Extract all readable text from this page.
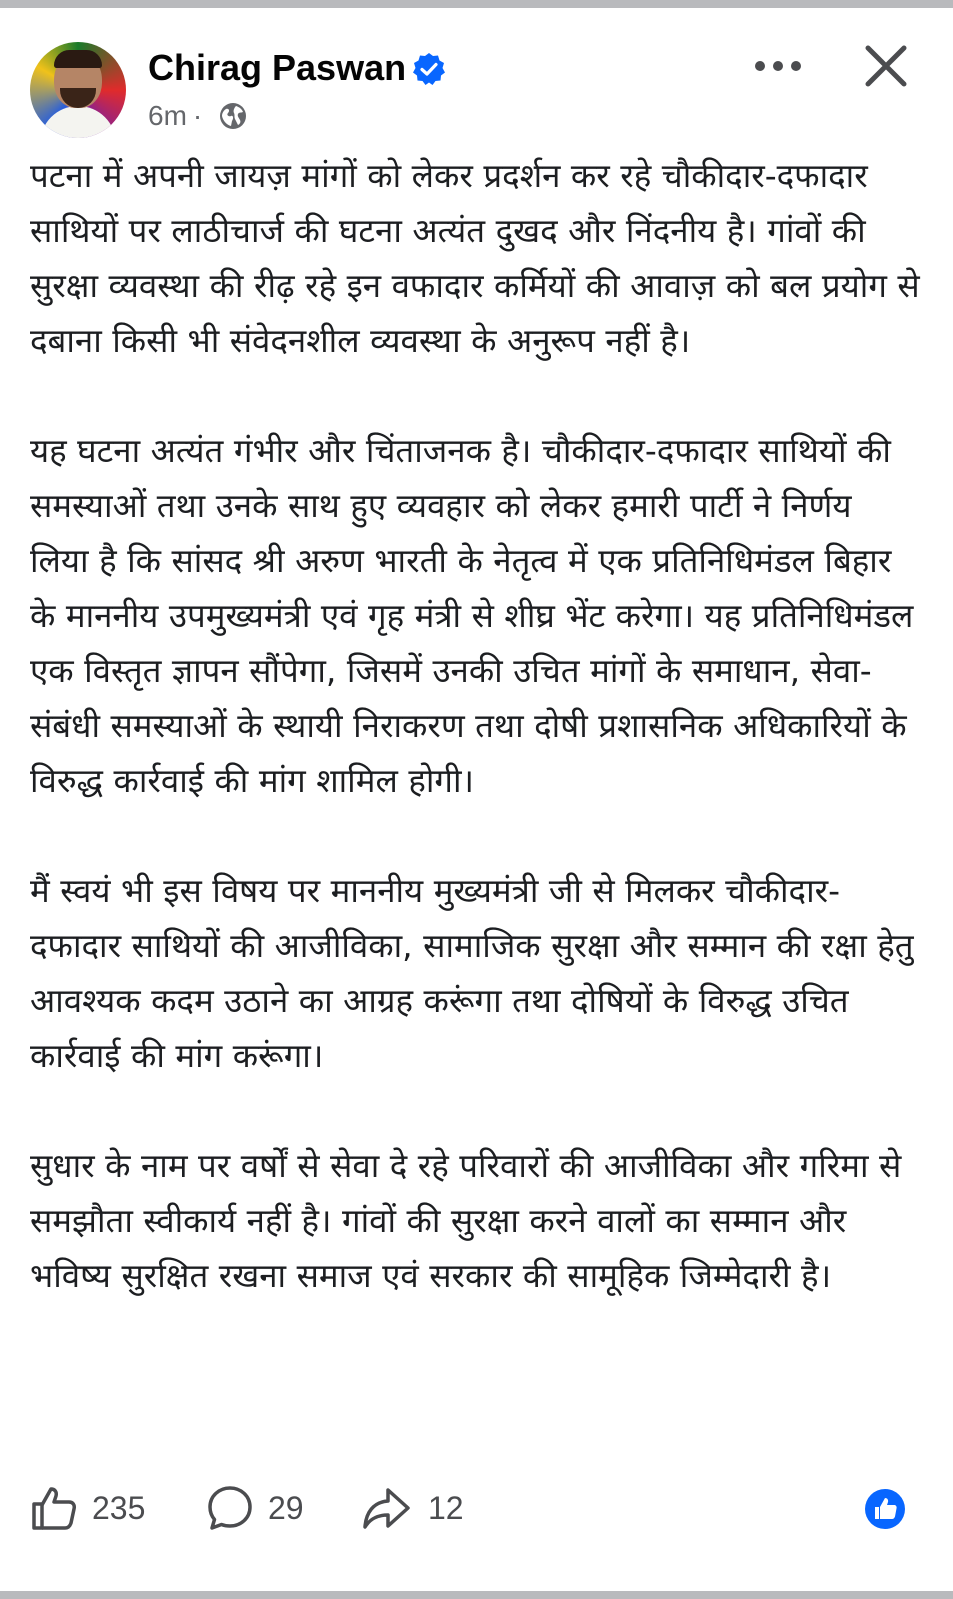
Chirag Paswan
6m ·

पटना में अपनी जायज़ मांगों को लेकर प्रदर्शन कर रहे चौकीदार-दफादार साथियों पर लाठीचार्ज की घटना अत्यंत दुखद और निंदनीय है। गांवों की सुरक्षा व्यवस्था की रीढ़ रहे इन वफादार कर्मियों की आवाज़ को बल प्रयोग से दबाना किसी भी संवेदनशील व्यवस्था के अनुरूप नहीं है।

यह घटना अत्यंत गंभीर और चिंताजनक है। चौकीदार-दफादार साथियों की समस्याओं तथा उनके साथ हुए व्यवहार को लेकर हमारी पार्टी ने निर्णय लिया है कि सांसद श्री अरुण भारती के नेतृत्व में एक प्रतिनिधिमंडल बिहार के माननीय उपमुख्यमंत्री एवं गृह मंत्री से शीघ्र भेंट करेगा। यह प्रतिनिधिमंडल एक विस्तृत ज्ञापन सौंपेगा, जिसमें उनकी उचित मांगों के समाधान, सेवा-संबंधी समस्याओं के स्थायी निराकरण तथा दोषी प्रशासनिक अधिकारियों के विरुद्ध कार्रवाई की मांग शामिल होगी।

मैं स्वयं भी इस विषय पर माननीय मुख्यमंत्री जी से मिलकर चौकीदार-दफादार साथियों की आजीविका, सामाजिक सुरक्षा और सम्मान की रक्षा हेतु आवश्यक कदम उठाने का आग्रह करूंगा तथा दोषियों के विरुद्ध उचित कार्रवाई की मांग करूंगा।

सुधार के नाम पर वर्षों से सेवा दे रहे परिवारों की आजीविका और गरिमा से समझौता स्वीकार्य नहीं है। गांवों की सुरक्षा करने वालों का सम्मान और भविष्य सुरक्षित रखना समाज एवं सरकार की सामूहिक जिम्मेदारी है।

235	29	12
